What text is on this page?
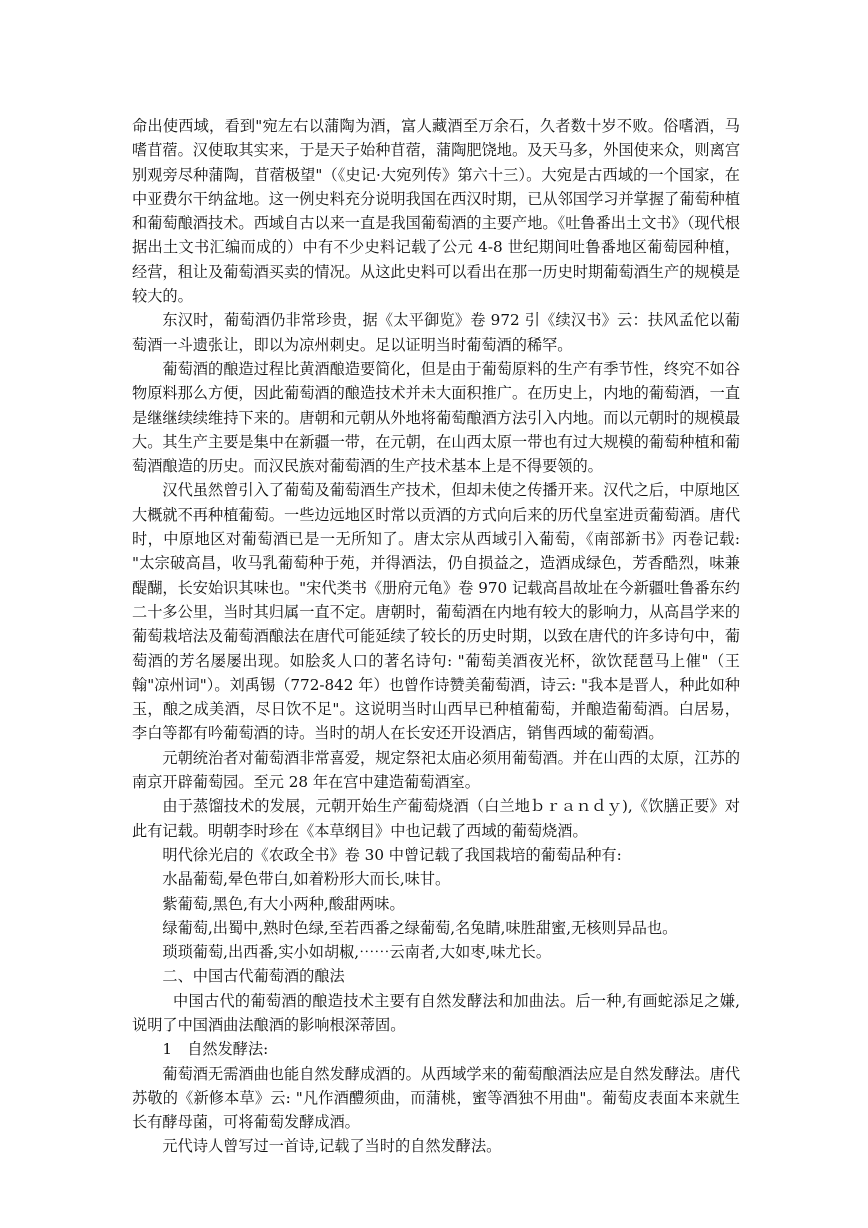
命出使西域，看到"宛左右以蒲陶为酒，富人藏酒至万余石，久者数十岁不败。俗嗜酒，马嗜苜蓿。汉使取其实来，于是天子始种苜蓿，蒲陶肥饶地。及天马多，外国使来众，则离宫别观旁尽种蒲陶，苜蓿极望"（《史记·大宛列传》第六十三）。大宛是古西域的一个国家，在中亚费尔干纳盆地。这一例史料充分说明我国在西汉时期，已从邻国学习并掌握了葡萄种植和葡萄酿酒技术。西域自古以来一直是我国葡萄酒的主要产地。《吐鲁番出土文书》（现代根据出土文书汇编而成的）中有不少史料记载了公元 4-8 世纪期间吐鲁番地区葡萄园种植，经营，租让及葡萄酒买卖的情况。从这此史料可以看出在那一历史时期葡萄酒生产的规模是较大的。

东汉时，葡萄酒仍非常珍贵，据《太平御览》卷 972 引《续汉书》云：扶风孟佗以葡萄酒一斗遗张让，即以为凉州刺史。足以证明当时葡萄酒的稀罕。

葡萄酒的酿造过程比黄酒酿造要简化，但是由于葡萄原料的生产有季节性，终究不如谷物原料那么方便，因此葡萄酒的酿造技术并未大面积推广。在历史上，内地的葡萄酒，一直是继继续续维持下来的。唐朝和元朝从外地将葡萄酿酒方法引入内地。而以元朝时的规模最大。其生产主要是集中在新疆一带，在元朝，在山西太原一带也有过大规模的葡萄种植和葡萄酒酿造的历史。而汉民族对葡萄酒的生产技术基本上是不得要领的。

汉代虽然曾引入了葡萄及葡萄酒生产技术，但却未使之传播开来。汉代之后，中原地区大概就不再种植葡萄。一些边远地区时常以贡酒的方式向后来的历代皇室进贡葡萄酒。唐代时，中原地区对葡萄酒已是一无所知了。唐太宗从西域引入葡萄，《南部新书》丙卷记载: "太宗破高昌，收马乳葡萄种于苑，并得酒法，仍自损益之，造酒成绿色，芳香酷烈，味兼醍醐，长安始识其味也。"宋代类书《册府元龟》卷 970 记载高昌故址在今新疆吐鲁番东约二十多公里，当时其归属一直不定。唐朝时，葡萄酒在内地有较大的影响力，从高昌学来的葡萄栽培法及葡萄酒酿法在唐代可能延续了较长的历史时期，以致在唐代的许多诗句中，葡萄酒的芳名屡屡出现。如脍炙人口的著名诗句: "葡萄美酒夜光杯，欲饮琵琶马上催"（王翰"凉州词"）。刘禹锡（772-842 年）也曾作诗赞美葡萄酒，诗云: "我本是晋人，种此如种玉，酿之成美酒，尽日饮不足"。这说明当时山西早已种植葡萄，并酿造葡萄酒。白居易，李白等都有吟葡萄酒的诗。当时的胡人在长安还开设酒店，销售西域的葡萄酒。

元朝统治者对葡萄酒非常喜爱，规定祭祀太庙必须用葡萄酒。并在山西的太原，江苏的南京开辟葡萄园。至元 28 年在宫中建造葡萄酒室。

由于蒸馏技术的发展，元朝开始生产葡萄烧酒（白兰地ｂｒａｎｄｙ),《饮膳正要》对此有记载。明朝李时珍在《本草纲目》中也记载了西域的葡萄烧酒。

明代徐光启的《农政全书》卷 30 中曾记载了我国栽培的葡萄品种有:

水晶葡萄,晕色带白,如着粉形大而长,味甘。

紫葡萄,黑色,有大小两种,酸甜两味。

绿葡萄,出蜀中,熟时色绿,至若西番之绿葡萄,名兔睛,味胜甜蜜,无核则异品也。

琐琐葡萄,出西番,实小如胡椒,⋯⋯云南者,大如枣,味尤长。

二、中国古代葡萄酒的酿法

中国古代的葡萄酒的酿造技术主要有自然发酵法和加曲法。后一种,有画蛇添足之嫌,说明了中国酒曲法酿酒的影响根深蒂固。

1　自然发酵法:

葡萄酒无需酒曲也能自然发酵成酒的。从西域学来的葡萄酿酒法应是自然发酵法。唐代苏敬的《新修本草》云: "凡作酒醴须曲，而蒲桃，蜜等酒独不用曲"。葡萄皮表面本来就生长有酵母菌，可将葡萄发酵成酒。

元代诗人曾写过一首诗,记载了当时的自然发酵法。
